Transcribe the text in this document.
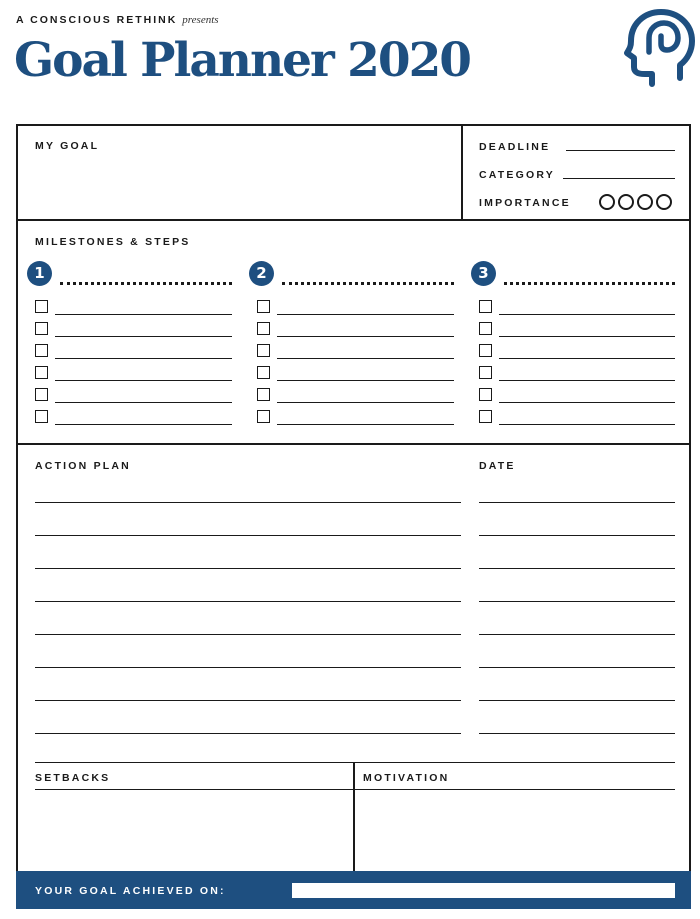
A CONSCIOUS RETHINK presents
Goal Planner 2020
MY GOAL	DEADLINE
CATEGORY
IMPORTANCE
MILESTONES & STEPS
1	2	3
ACTION PLAN	DATE
SETBACKS	MOTIVATION
YOUR GOAL ACHIEVED ON:
